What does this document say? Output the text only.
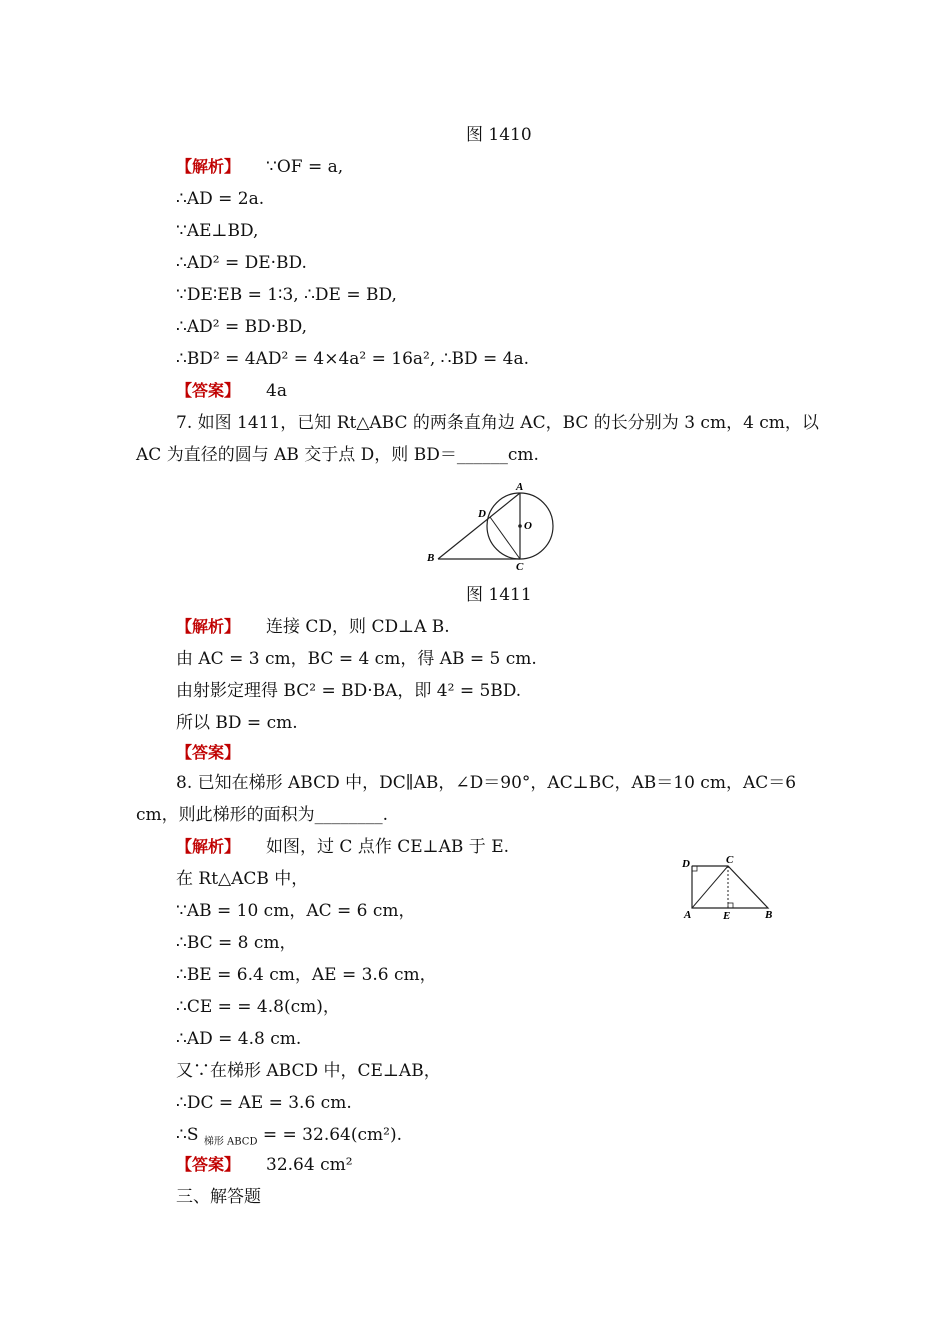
图 1410
【解析】 ∵OF = a,
∴AD = 2a.
∵AE⊥BD,
∴AD² = DE·BD.
∵DE∶EB = 1∶3, ∴DE = BD,
∴AD² = BD·BD,
∴BD² = 4AD² = 4×4a² = 16a², ∴BD = 4a.
【答案】 4a
7. 如图 1411，已知 Rt△ABC 的两条直角边 AC，BC 的长分别为 3 cm，4 cm，以
AC 为直径的圆与 AB 交于点 D，则 BD＝______cm.
A
B
C
D
O
图 1411
【解析】 连接 CD，则 CD⊥A B.
由 AC = 3 cm，BC = 4 cm，得 AB = 5 cm.
由射影定理得 BC² = BD·BA，即 4² = 5BD.
所以 BD = cm.
【答案】
8. 已知在梯形 ABCD 中，DC∥AB，∠D＝90°，AC⊥BC，AB＝10 cm，AC＝6
cm，则此梯形的面积为________.
D	C
A	E	B
【解析】 如图，过 C 点作 CE⊥AB 于 E.
在 Rt△ACB 中，
∵AB = 10 cm，AC = 6 cm，
∴BC = 8 cm，
∴BE = 6.4 cm，AE = 3.6 cm，
∴CE = = 4.8(cm)，
∴AD = 4.8 cm.
又∵在梯形 ABCD 中，CE⊥AB，
∴DC = AE = 3.6 cm.
∴S $_{梯形 ABCD}$ = = 32.64(cm²).
【答案】 32.64 cm²
三、解答题
